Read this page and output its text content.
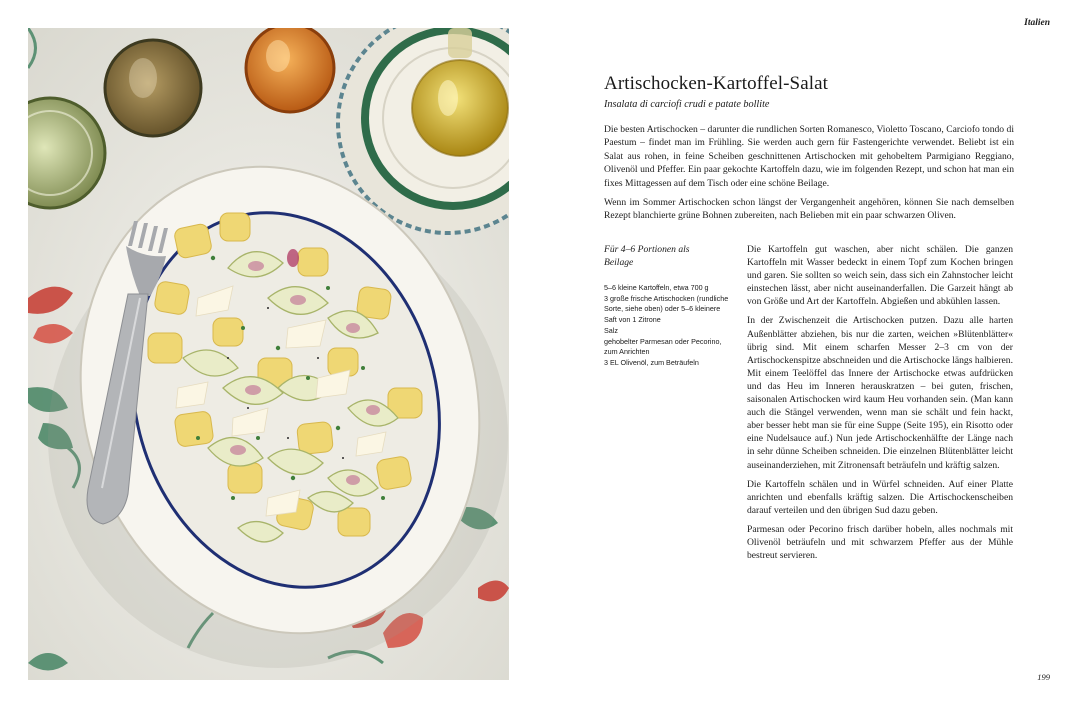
Italien
Artischocken-Kartoffel-Salat

Insalata di carciofi crudi e patate bollite

Die besten Artischocken – darunter die rundlichen Sorten Romanesco, Violetto Toscano, Carciofo tondo di Paestum – findet man im Frühling. Sie werden auch gern für Fastengerichte verwendet. Beliebt ist ein Salat aus rohen, in feine Scheiben geschnittenen Artischocken mit gehobeltem Parmigiano Reggiano, Olivenöl und Pfeffer. Ein paar gekochte Kartoffeln dazu, wie im folgenden Rezept, und schon hat man ein fixes Mittagessen auf dem Tisch oder eine schöne Beilage.

Wenn im Sommer Artischocken schon längst der Vergangenheit angehören, können Sie nach demselben Rezept blanchierte grüne Bohnen zubereiten, nach Belieben mit ein paar schwarzen Oliven.

Für 4–6 Portionen als Beilage

5–6 kleine Kartoffeln, etwa 700 g
3 große frische Artischocken (rundliche Sorte, siehe oben) oder 5–6 kleinere
Saft von 1 Zitrone
Salz
gehobelter Parmesan oder Pecorino, zum Anrichten
3 EL Olivenöl, zum Beträufeln

Die Kartoffeln gut waschen, aber nicht schälen. Die ganzen Kartoffeln mit Wasser bedeckt in einem Topf zum Kochen bringen und garen. Sie sollten so weich sein, dass sich ein Zahnstocher leicht einstechen lässt, aber nicht auseinanderfallen. Die Garzeit hängt ab von Größe und Art der Kartoffeln. Abgießen und abkühlen lassen.

In der Zwischenzeit die Artischocken putzen. Dazu alle harten Außenblätter abziehen, bis nur die zarten, weichen »Blütenblätter« übrig sind. Mit einem scharfen Messer 2–3 cm von der Artischockenspitze abschneiden und die Artischocke längs halbieren. Mit einem Teelöffel das Innere der Artischocke etwas aufdrücken und das Heu im Inneren herauskratzen – bei guten, frischen, saisonalen Artischocken wird kaum Heu vorhanden sein. (Man kann auch die Stängel verwenden, wenn man sie schält und fein hackt, aber besser hebt man sie für eine Suppe (Seite 195), ein Risotto oder eine Nudelsauce auf.) Nun jede Artischockenhälfte der Länge nach in sehr dünne Scheiben schneiden. Die einzelnen Blütenblätter leicht auseinanderziehen, mit Zitronensaft beträufeln und kräftig salzen.

Die Kartoffeln schälen und in Würfel schneiden. Auf einer Platte anrichten und ebenfalls kräftig salzen. Die Artischockenscheiben darauf verteilen und den übrigen Sud dazu geben.

Parmesan oder Pecorino frisch darüber hobeln, alles nochmals mit Olivenöl beträufeln und mit schwarzem Pfeffer aus der Mühle bestreut servieren.

199
